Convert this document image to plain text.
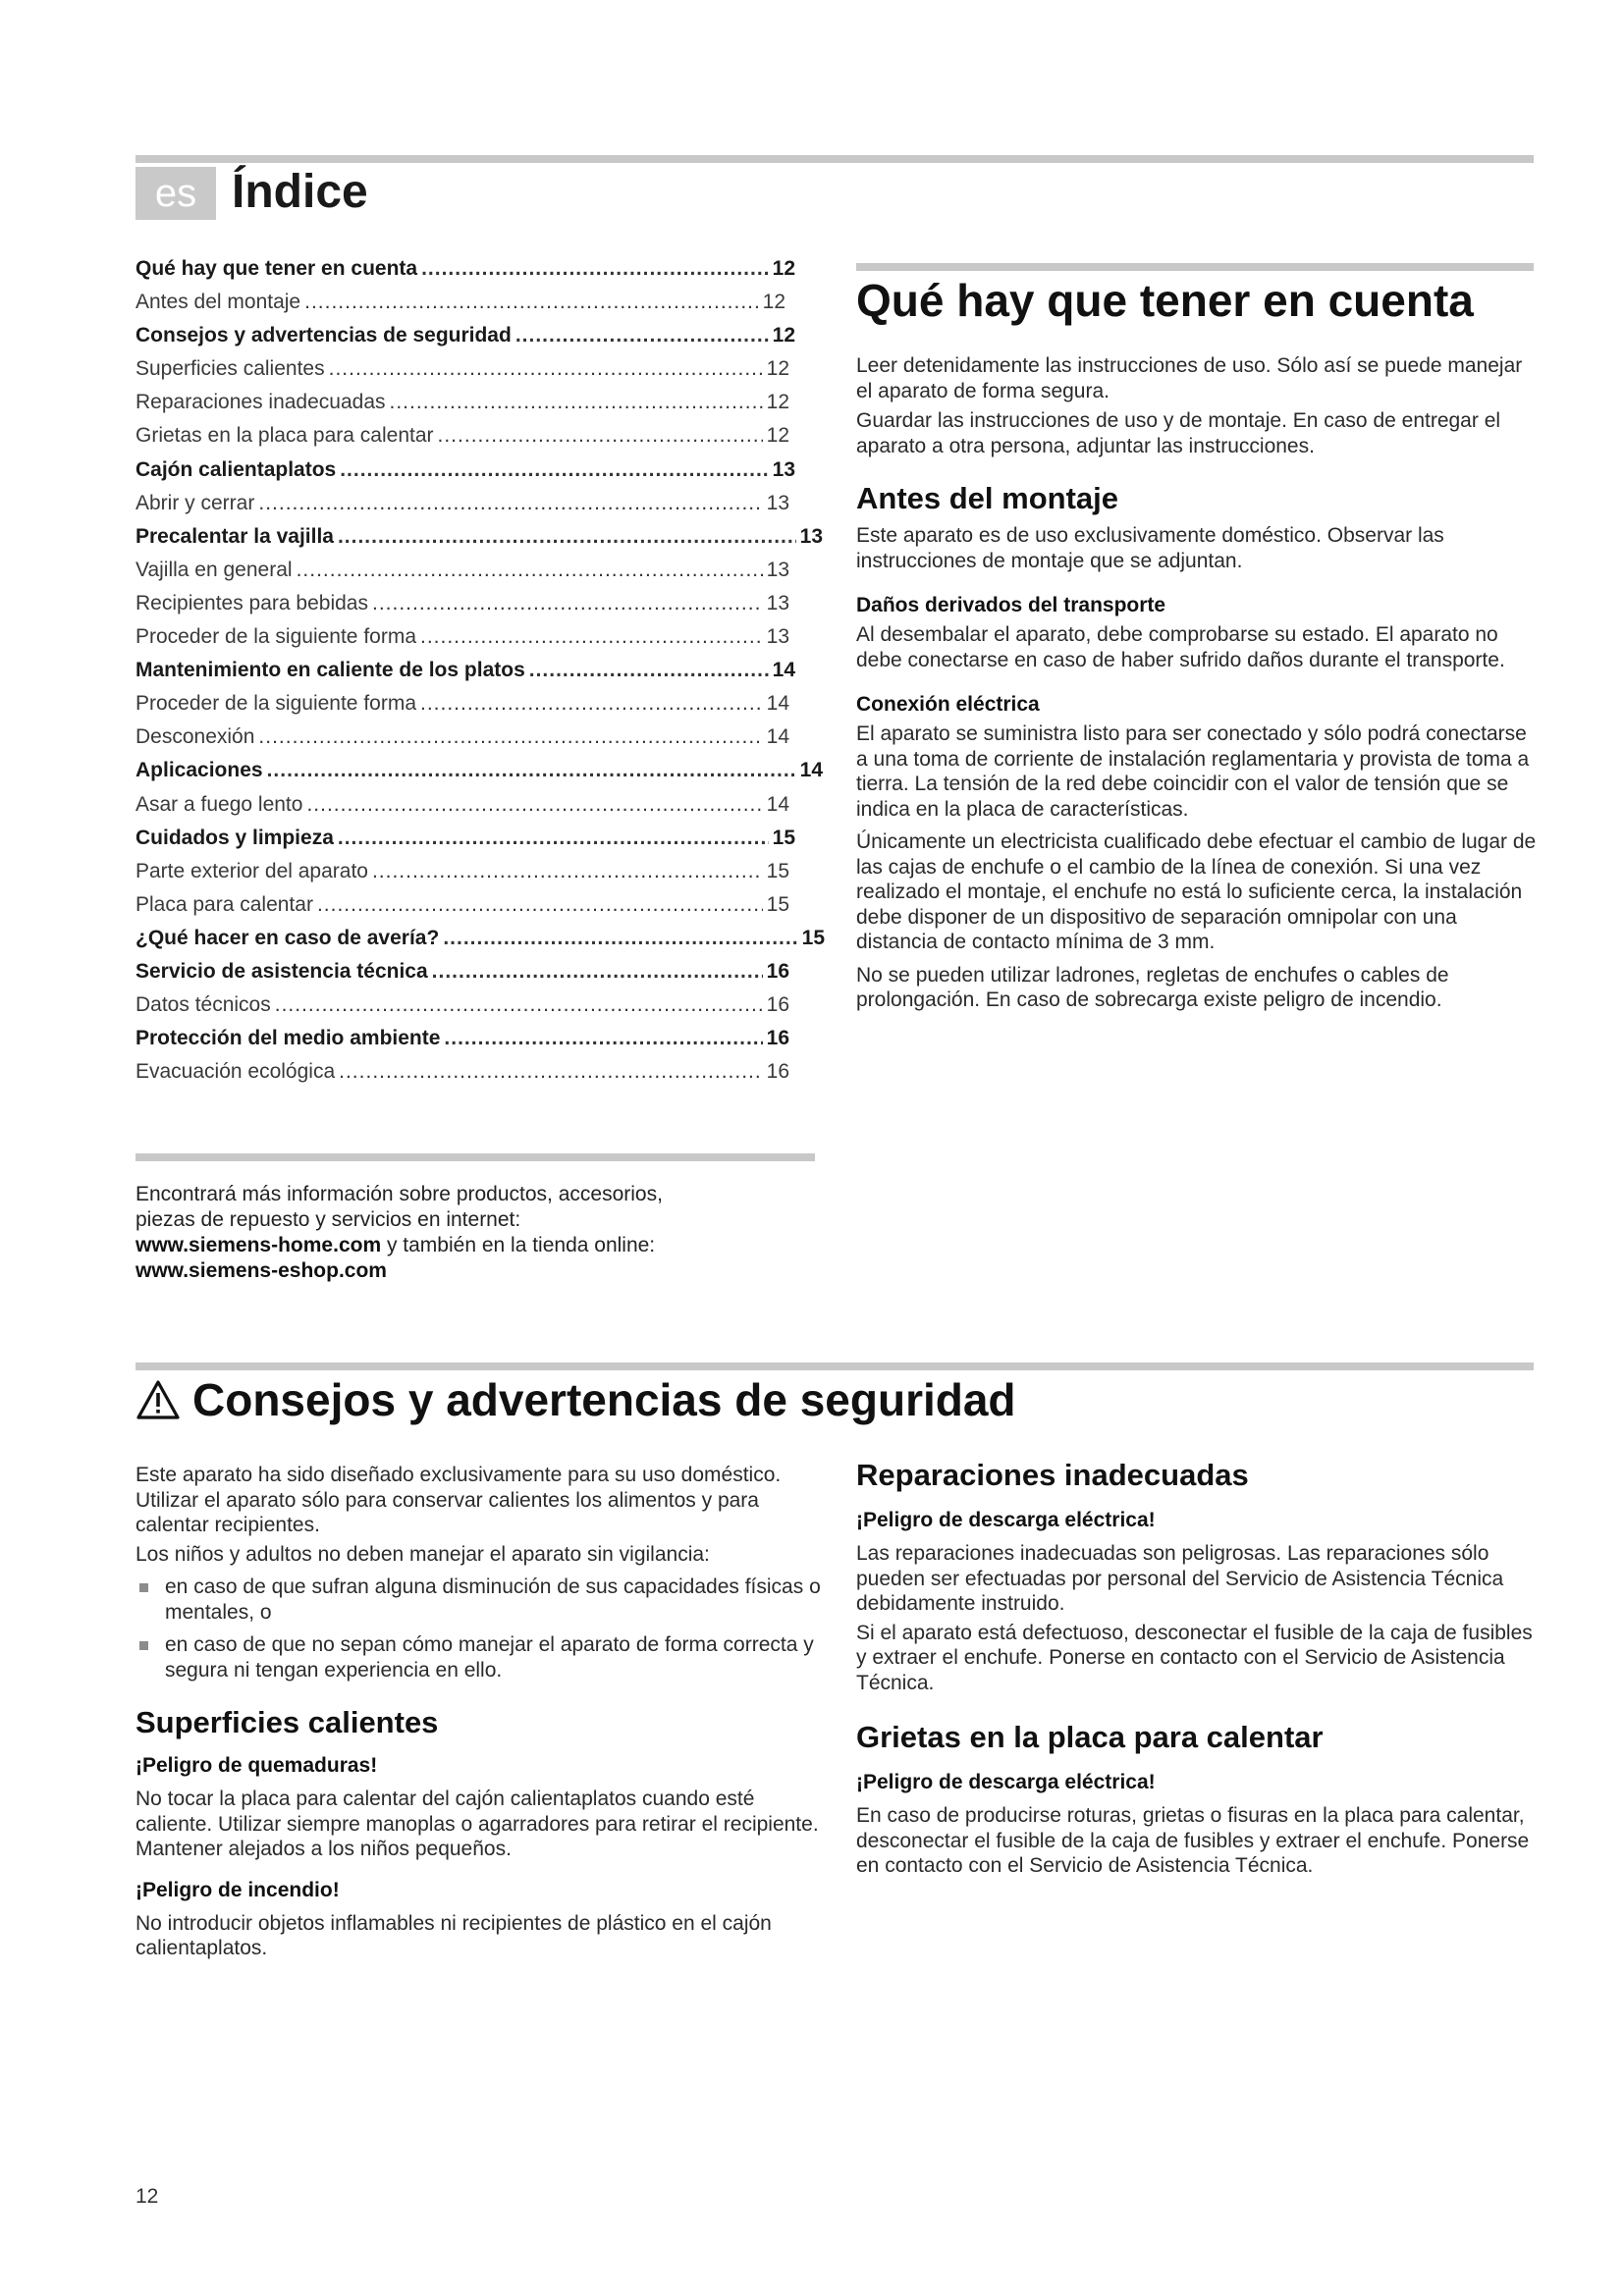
es Índice
Qué hay que tener en cuenta .....	12
Antes del montaje .....	12
Consejos y advertencias de seguridad .....	12
Superficies calientes .....	12
Reparaciones inadecuadas .....	12
Grietas en la placa para calentar .....	12
Cajón calientaplatos .....	13
Abrir y cerrar .....	13
Precalentar la vajilla .....	13
Vajilla en general .....	13
Recipientes para bebidas .....	13
Proceder de la siguiente forma .....	13
Mantenimiento en caliente de los platos .....	14
Proceder de la siguiente forma .....	14
Desconexión .....	14
Aplicaciones .....	14
Asar a fuego lento .....	14
Cuidados y limpieza .....	15
Parte exterior del aparato .....	15
Placa para calentar .....	15
¿Qué hacer en caso de avería? .....	15
Servicio de asistencia técnica .....	16
Datos técnicos .....	16
Protección del medio ambiente .....	16
Evacuación ecológica .....	16
Encontrará más información sobre productos, accesorios,
piezas de repuesto y servicios en internet:
www.siemens-home.com y también en la tienda online:
www.siemens-eshop.com
Qué hay que tener en cuenta

Leer detenidamente las instrucciones de uso. Sólo así se puede manejar el aparato de forma segura.

Guardar las instrucciones de uso y de montaje. En caso de entregar el aparato a otra persona, adjuntar las instrucciones.

Antes del montaje

Este aparato es de uso exclusivamente doméstico. Observar las instrucciones de montaje que se adjuntan.

Daños derivados del transporte

Al desembalar el aparato, debe comprobarse su estado. El aparato no debe conectarse en caso de haber sufrido daños durante el transporte.

Conexión eléctrica

El aparato se suministra listo para ser conectado y sólo podrá conectarse a una toma de corriente de instalación reglamentaria y provista de toma a tierra. La tensión de la red debe coincidir con el valor de tensión que se indica en la placa de características.

Únicamente un electricista cualificado debe efectuar el cambio de lugar de las cajas de enchufe o el cambio de la línea de conexión. Si una vez realizado el montaje, el enchufe no está lo suficiente cerca, la instalación debe disponer de un dispositivo de separación omnipolar con una distancia de contacto mínima de 3 mm.

No se pueden utilizar ladrones, regletas de enchufes o cables de prolongación. En caso de sobrecarga existe peligro de incendio.

Consejos y advertencias de seguridad

Este aparato ha sido diseñado exclusivamente para su uso doméstico. Utilizar el aparato sólo para conservar calientes los alimentos y para calentar recipientes.

Los niños y adultos no deben manejar el aparato sin vigilancia:

en caso de que sufran alguna disminución de sus capacidades físicas o mentales, o
en caso de que no sepan cómo manejar el aparato de forma correcta y segura ni tengan experiencia en ello.
Superficies calientes
¡Peligro de quemaduras!

No tocar la placa para calentar del cajón calientaplatos cuando esté caliente. Utilizar siempre manoplas o agarradores para retirar el recipiente. Mantener alejados a los niños pequeños.

¡Peligro de incendio!

No introducir objetos inflamables ni recipientes de plástico en el cajón calientaplatos.

Reparaciones inadecuadas
¡Peligro de descarga eléctrica!

Las reparaciones inadecuadas son peligrosas. Las reparaciones sólo pueden ser efectuadas por personal del Servicio de Asistencia Técnica debidamente instruido.

Si el aparato está defectuoso, desconectar el fusible de la caja de fusibles y extraer el enchufe. Ponerse en contacto con el Servicio de Asistencia Técnica.

Grietas en la placa para calentar
¡Peligro de descarga eléctrica!

En caso de producirse roturas, grietas o fisuras en la placa para calentar, desconectar el fusible de la caja de fusibles y extraer el enchufe. Ponerse en contacto con el Servicio de Asistencia Técnica.

12
